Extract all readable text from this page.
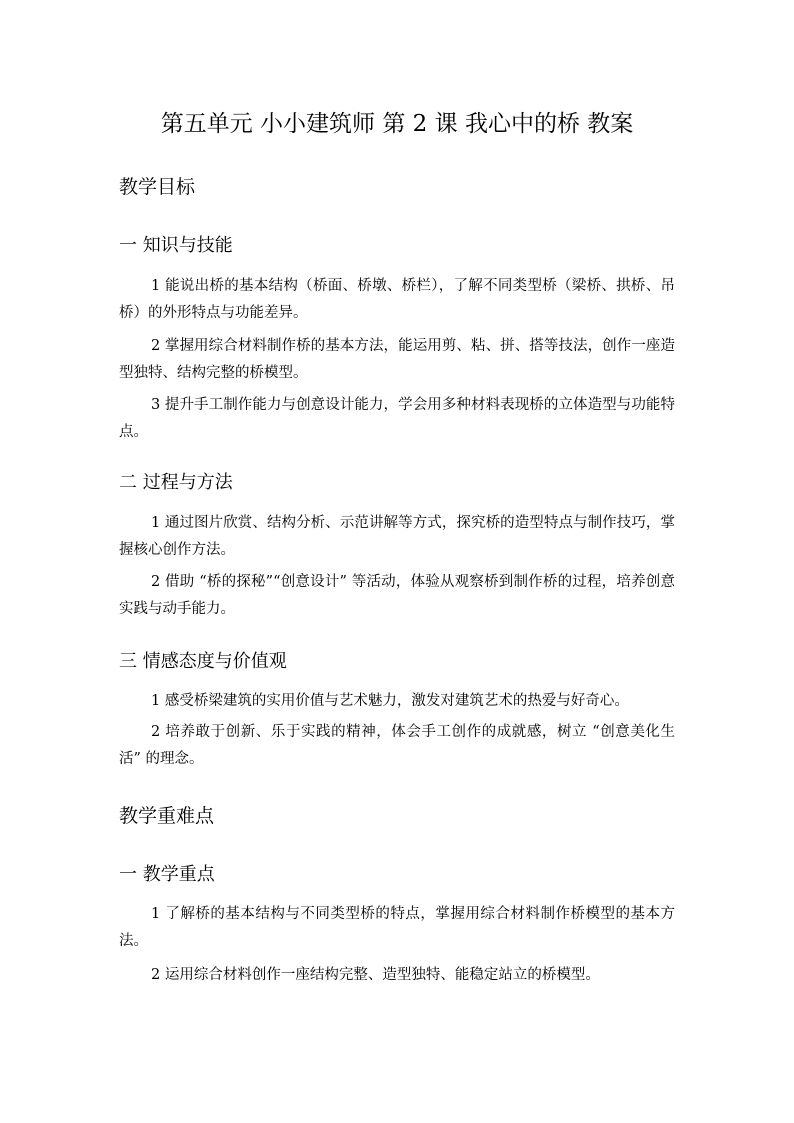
第五单元 小小建筑师 第 2 课 我心中的桥 教案
教学目标
一 知识与技能
1 能说出桥的基本结构（桥面、桥墩、桥栏），了解不同类型桥（梁桥、拱桥、吊桥）的外形特点与功能差异。
2 掌握用综合材料制作桥的基本方法，能运用剪、粘、拼、搭等技法，创作一座造型独特、结构完整的桥模型。
3 提升手工制作能力与创意设计能力，学会用多种材料表现桥的立体造型与功能特点。
二 过程与方法
1 通过图片欣赏、结构分析、示范讲解等方式，探究桥的造型特点与制作技巧，掌握核心创作方法。
2 借助 “桥的探秘”“创意设计” 等活动，体验从观察桥到制作桥的过程，培养创意实践与动手能力。
三 情感态度与价值观
1 感受桥梁建筑的实用价值与艺术魅力，激发对建筑艺术的热爱与好奇心。
2 培养敢于创新、乐于实践的精神，体会手工创作的成就感，树立 “创意美化生活” 的理念。
教学重难点
一 教学重点
1 了解桥的基本结构与不同类型桥的特点，掌握用综合材料制作桥模型的基本方法。
2 运用综合材料创作一座结构完整、造型独特、能稳定站立的桥模型。
